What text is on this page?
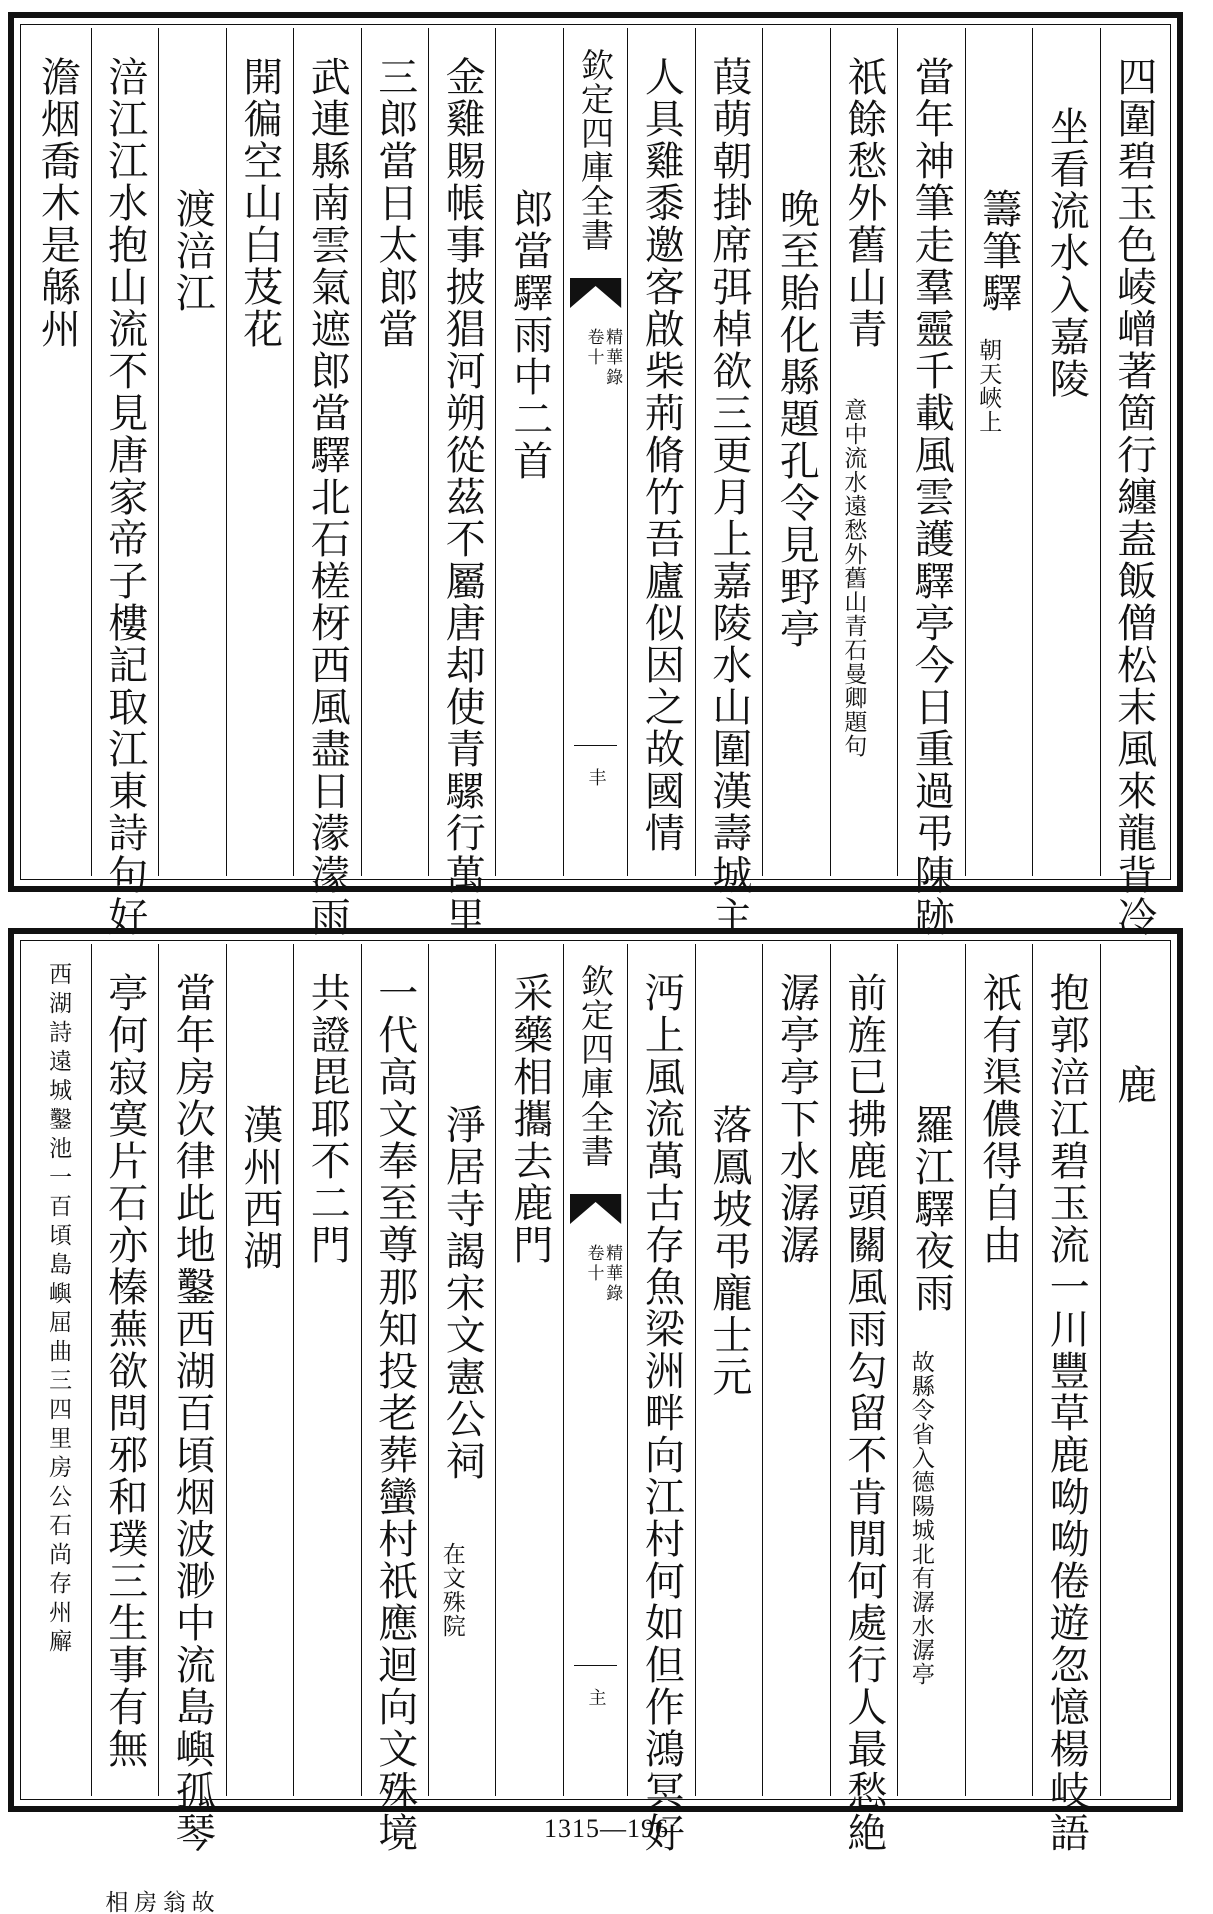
四圍碧玉色崚嶒著箇行纏盍飯僧松末風來龍背冷
坐看流水入嘉陵
籌筆驛
朝天峽上
當年神筆走羣靈千載風雲護驛亭今日重過弔陳跡
祇餘愁外舊山青
意中流水遠愁外舊山青石曼卿題句
晚至貽化縣題孔令見野亭
葭萌朝掛席弭棹欲三更月上嘉陵水山圍漢壽城主
人具雞黍邀客啟柴荊脩竹吾廬似因之故國情
欽定四庫全書
精華錄
卷十
丰
郎當驛雨中二首
金雞賜帳事披猖河朔從茲不屬唐却使青騾行萬里
三郎當日太郎當
武連縣南雲氣遮郎當驛北石槎枒西風盡日濛濛雨
開徧空山白芨花
渡涪江
涪江江水抱山流不見唐家帝子樓記取江東詩句好
澹烟喬木是緜州
鹿
抱郭涪江碧玉流一川豐草鹿呦呦倦遊忽憶楊岐語
祇有渠儂得自由
羅江驛夜雨
故縣令省入德陽城北有潺水潺亭
前旌已拂鹿頭關風雨勾留不肯閒何處行人最愁絶
潺亭亭下水潺潺
落鳳坡弔龐士元
沔上風流萬古存魚梁洲畔向江村何如但作鴻冥好
欽定四庫全書
精華錄
卷十
主
采藥相攜去鹿門
淨居寺謁宋文憲公祠
在文殊院
一代高文奉至尊那知投老葬蠻村祇應迴向文殊境
共證毘耶不二門
漢州西湖
當年房次律此地鑿西湖百頃烟波渺中流島嶼孤琴
亭何寂寞片石亦榛蕪欲問邪和璞三生事有無
故翁房相
西湖詩遠城鑿池一百頃島嶼屈曲三四里房公石尚存州廨
1315—196
